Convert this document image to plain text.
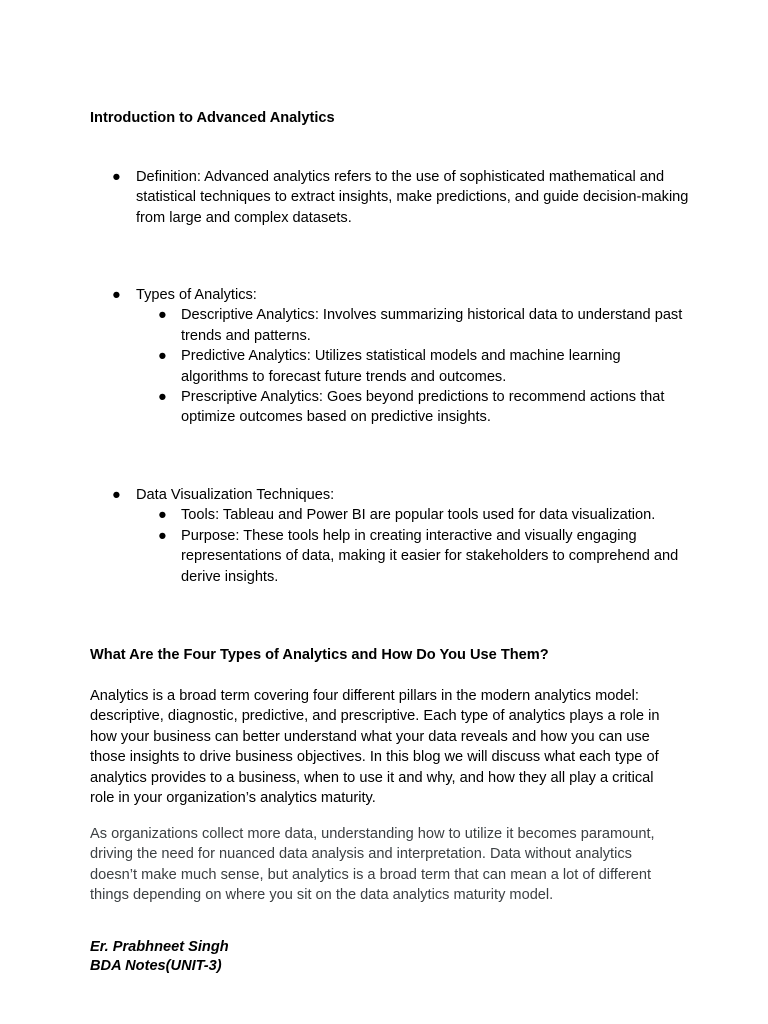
Introduction to Advanced Analytics

● Definition: Advanced analytics refers to the use of sophisticated mathematical and statistical techniques to extract insights, make predictions, and guide decision-making from large and complex datasets.
● Types of Analytics:
● Descriptive Analytics: Involves summarizing historical data to understand past trends and patterns.
● Predictive Analytics: Utilizes statistical models and machine learning algorithms to forecast future trends and outcomes.
● Prescriptive Analytics: Goes beyond predictions to recommend actions that optimize outcomes based on predictive insights.
● Data Visualization Techniques:
● Tools: Tableau and Power BI are popular tools used for data visualization.
● Purpose: These tools help in creating interactive and visually engaging representations of data, making it easier for stakeholders to comprehend and derive insights.

What Are the Four Types of Analytics and How Do You Use Them?

Analytics is a broad term covering four different pillars in the modern analytics model: descriptive, diagnostic, predictive, and prescriptive. Each type of analytics plays a role in how your business can better understand what your data reveals and how you can use those insights to drive business objectives. In this blog we will discuss what each type of analytics provides to a business, when to use it and why, and how they all play a critical role in your organization’s analytics maturity.

As organizations collect more data, understanding how to utilize it becomes paramount, driving the need for nuanced data analysis and interpretation. Data without analytics doesn’t make much sense, but analytics is a broad term that can mean a lot of different things depending on where you sit on the data analytics maturity model.

Er. Prabhneet Singh

BDA Notes(UNIT-3)
